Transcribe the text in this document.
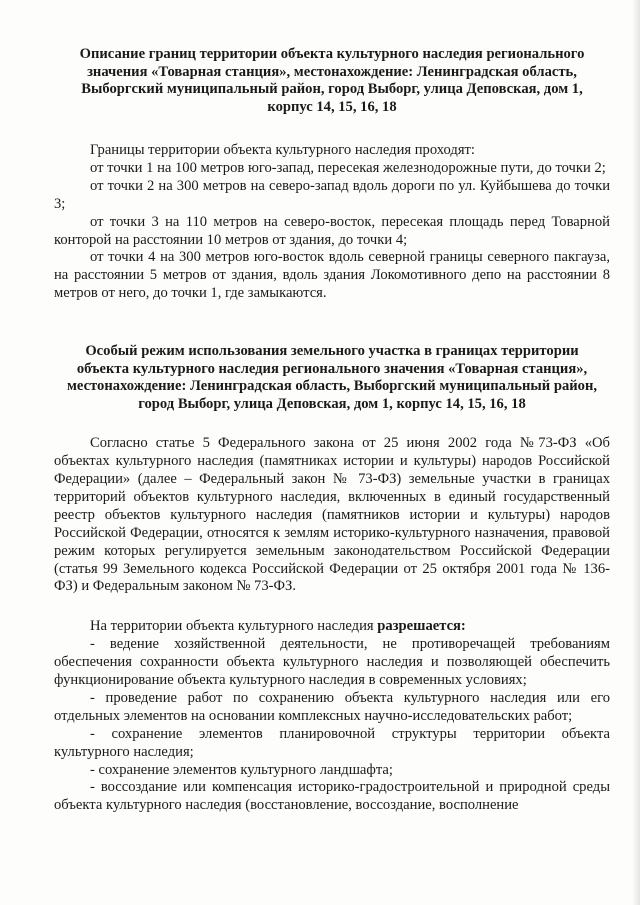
Описание границ территории объекта культурного наследия регионального
значения «Товарная станция», местонахождение: Ленинградская область,
Выборгский муниципальный район, город Выборг, улица Деповская, дом 1,
корпус 14, 15, 16, 18

Границы территории объекта культурного наследия проходят:

от точки 1 на 100 метров юго-запад, пересекая железнодорожные пути, до точки 2;

от точки 2 на 300 метров на северо-запад вдоль дороги по ул. Куйбышева до точки 3;

от точки 3 на 110 метров на северо-восток, пересекая площадь перед Товарной конторой на расстоянии 10 метров от здания, до точки 4;

от точки 4 на 300 метров юго-восток вдоль северной границы северного пакгауза, на расстоянии 5 метров от здания, вдоль здания Локомотивного депо на расстоянии 8 метров от него, до точки 1, где замыкаются.

Особый режим использования земельного участка в границах территории
объекта культурного наследия регионального значения «Товарная станция»,
местонахождение: Ленинградская область, Выборгский муниципальный район,
город Выборг, улица Деповская, дом 1, корпус 14, 15, 16, 18

Согласно статье 5 Федерального закона от 25 июня 2002 года №73-ФЗ «Об объектах культурного наследия (памятниках истории и культуры) народов Российской Федерации» (далее – Федеральный закон № 73-ФЗ) земельные участки в границах территорий объектов культурного наследия, включенных в единый государственный реестр объектов культурного наследия (памятников истории и культуры) народов Российской Федерации, относятся к землям историко-культурного назначения, правовой режим которых регулируется земельным законодательством Российской Федерации (статья 99 Земельного кодекса Российской Федерации от 25 октября 2001 года № 136-ФЗ) и Федеральным законом № 73-ФЗ.

На территории объекта культурного наследия разрешается:

- ведение хозяйственной деятельности, не противоречащей требованиям обеспечения сохранности объекта культурного наследия и позволяющей обеспечить функционирование объекта культурного наследия в современных условиях;

- проведение работ по сохранению объекта культурного наследия или его отдельных элементов на основании комплексных научно-исследовательских работ;

- сохранение элементов планировочной структуры территории объекта культурного наследия;

- сохранение элементов культурного ландшафта;

- воссоздание или компенсация историко-градостроительной и природной среды объекта культурного наследия (восстановление, воссоздание, восполнение
